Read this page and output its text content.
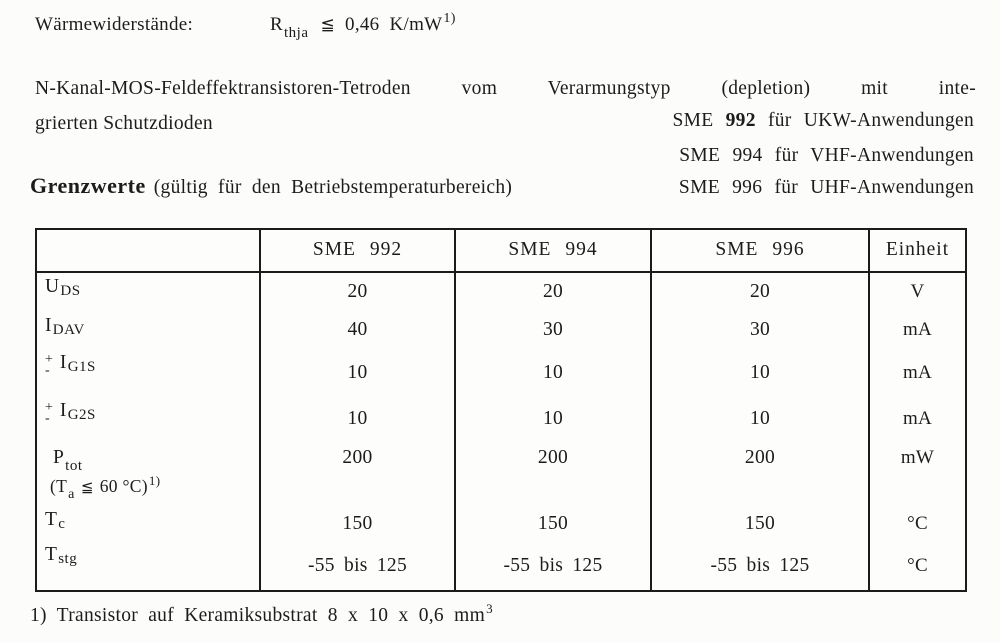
Wärmewiderstände:	$R_{thja}$ ≦ 0,46 $K/mW^{1)}$
N-Kanal-MOS-Feldeffektransistoren-Tetroden vom Verarmungstyp (depletion) mit inte-
grierten Schutzdioden	SME 992 für UKW-Anwendungen
SME 994 für VHF-Anwendungen
SME 996 für UHF-Anwendungen
Grenzwerte (gültig für den Betriebstemperaturbereich)
U DS
I DAV
+
- I G1S
+
- I G2S
$P_{tot}$
($T_a$ ≦ 60 °C)$^{1)}$
T c
T stg
SME 992
20
40
10
10
200
150
-55 bis 125
SME 994
20
30
10
10
200
150
-55 bis 125
SME 996
20
30
10
10
200
150
-55 bis 125
Einheit
V
mA
mA
mA
mW
°C
°C
1) Transistor auf Keramiksubstrat 8 x 10 x 0,6 $mm^3$
